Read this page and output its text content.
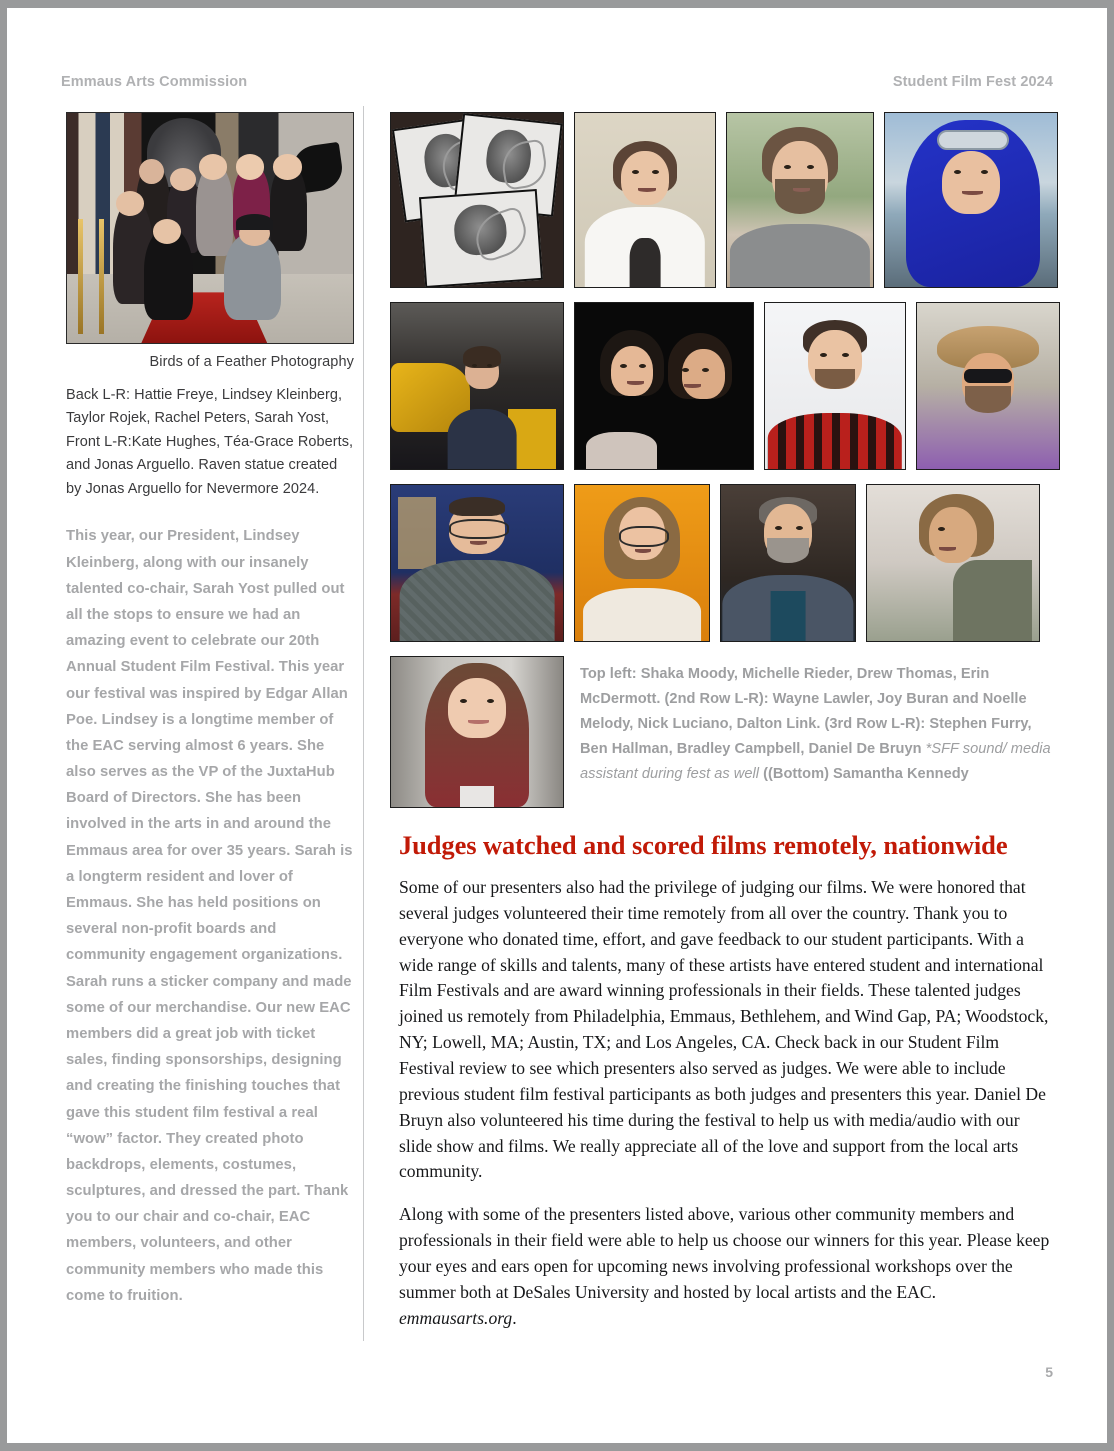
Emmaus Arts Commission	Student Film Fest 2024
Birds of a Feather Photography
Back L-R: Hattie Freye, Lindsey Kleinberg, Taylor Rojek, Rachel Peters, Sarah Yost, Front L-R:Kate Hughes, Téa-Grace Roberts, and Jonas Arguello. Raven statue created by Jonas Arguello for Nevermore 2024.
This year, our President, Lindsey Kleinberg, along with our insanely talented co-chair, Sarah Yost pulled out all the stops to ensure we had an amazing event to celebrate our 20th Annual Student Film Festival. This year our festival was inspired by Edgar Allan Poe. Lindsey is a longtime member of the EAC serving almost 6 years. She also serves as the VP of the JuxtaHub Board of Directors. She has been involved in the arts in and around the Emmaus area for over 35 years. Sarah is a longterm resident and lover of Emmaus. She has held positions on several non-profit boards and community engagement organizations. Sarah runs a sticker company and made some of our merchandise. Our new EAC members did a great job with ticket sales, finding sponsorships, designing and creating the finishing touches that gave this student film festival a real “wow” factor. They created photo backdrops, elements, costumes, sculptures, and dressed the part. Thank you to our chair and co-chair, EAC members, volunteers, and other community members who made this come to fruition.
Top left: Shaka Moody, Michelle Rieder, Drew Thomas, Erin McDermott. (2nd Row L-R): Wayne Lawler, Joy Buran and Noelle Melody, Nick Luciano, Dalton Link. (3rd Row L-R): Stephen Furry, Ben Hallman, Bradley Campbell, Daniel De Bruyn *SFF sound/ media assistant during fest as well ((Bottom) Samantha Kennedy
Judges watched and scored films remotely, nationwide

Some of our presenters also had the privilege of judging our films. We were honored that several judges volunteered their time remotely from all over the country. Thank you to everyone who donated time, effort, and gave feedback to our student participants. With a wide range of skills and talents, many of these artists have entered student and international Film Festivals and are award winning professionals in their fields. These talented judges joined us remotely from Philadelphia, Emmaus, Bethlehem, and Wind Gap, PA; Woodstock, NY; Lowell, MA; Austin, TX; and Los Angeles, CA. Check back in our Student Film Festival review to see which presenters also served as judges. We were able to include previous student film festival participants as both judges and presenters this year. Daniel De Bruyn also volunteered his time during the festival to help us with media/audio with our slide show and films. We really appreciate all of the love and support from the local arts community.

Along with some of the presenters listed above, various other community members and professionals in their field were able to help us choose our winners for this year. Please keep your eyes and ears open for upcoming news involving professional workshops over the summer both at DeSales University and hosted by local artists and the EAC. emmausarts.org.

5
